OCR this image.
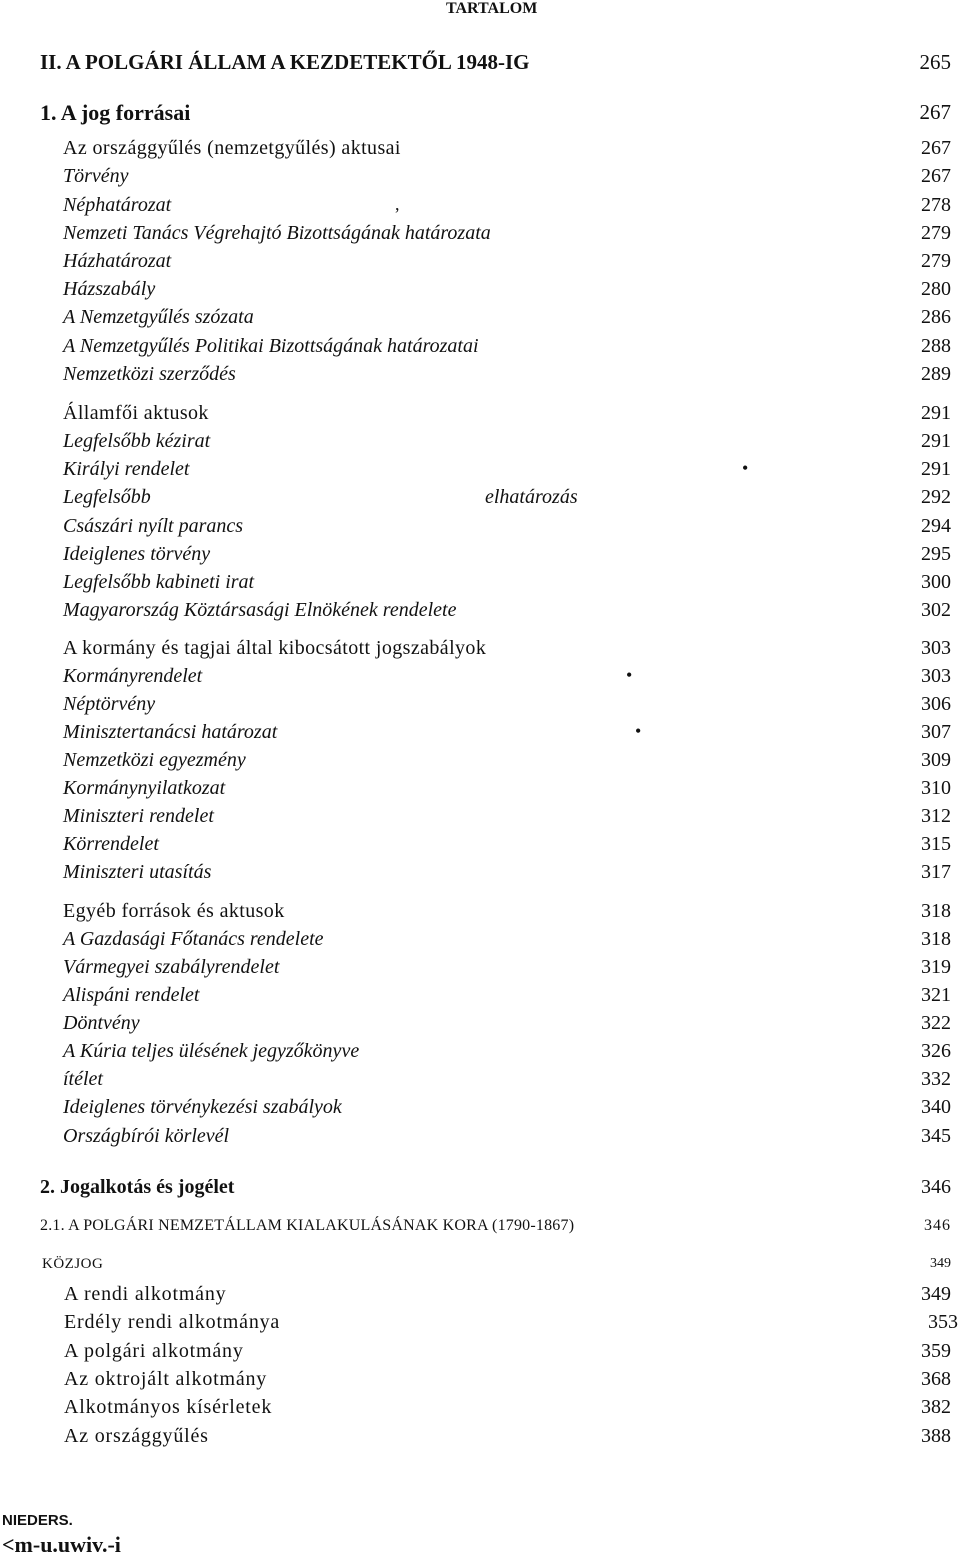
TARTALOM
II. A POLGÁRI ÁLLAM A KEZDETEKTŐL 1948-IG	265
1. A jog forrásai	267
Az országgyűlés (nemzetgyűlés) aktusai	267
Törvény	267
Néphatározat	,	278
Nemzeti Tanács Végrehajtó Bizottságának határozata	279
Házhatározat	279
Házszabály	280
A Nemzetgyűlés szózata	286
A Nemzetgyűlés Politikai Bizottságának határozatai	288
Nemzetközi szerződés	289
Államfői aktusok	291
Legfelsőbb kézirat	291
Királyi rendelet	•	291
Legfelsőbb	elhatározás	292
Császári nyílt parancs	294
Ideiglenes törvény	295
Legfelsőbb kabineti irat	300
Magyarország Köztársasági Elnökének rendelete	302
A kormány és tagjai által kibocsátott jogszabályok	303
Kormányrendelet	•	303
Néptörvény	306
Minisztertanácsi határozat	•	307
Nemzetközi egyezmény	309
Kormánynyilatkozat	310
Miniszteri rendelet	312
Körrendelet	315
Miniszteri utasítás	317
Egyéb források és aktusok	318
A Gazdasági Főtanács rendelete	318
Vármegyei szabályrendelet	319
Alispáni rendelet	321
Döntvény	322
A Kúria teljes ülésének jegyzőkönyve	326
ítélet	332
Ideiglenes törvénykezési szabályok	340
Országbírói körlevél	345
2. Jogalkotás és jogélet	346
2.1. A POLGÁRI NEMZETÁLLAM KIALAKULÁSÁNAK KORA (1790-1867)	346
KÖZJOG	349
A rendi alkotmány	349
Erdély rendi alkotmánya	353
A polgári alkotmány	359
Az oktrojált alkotmány	368
Alkotmányos kísérletek	382
Az országgyűlés	388
NIEDERS.
<m-u.uwiv.-i
